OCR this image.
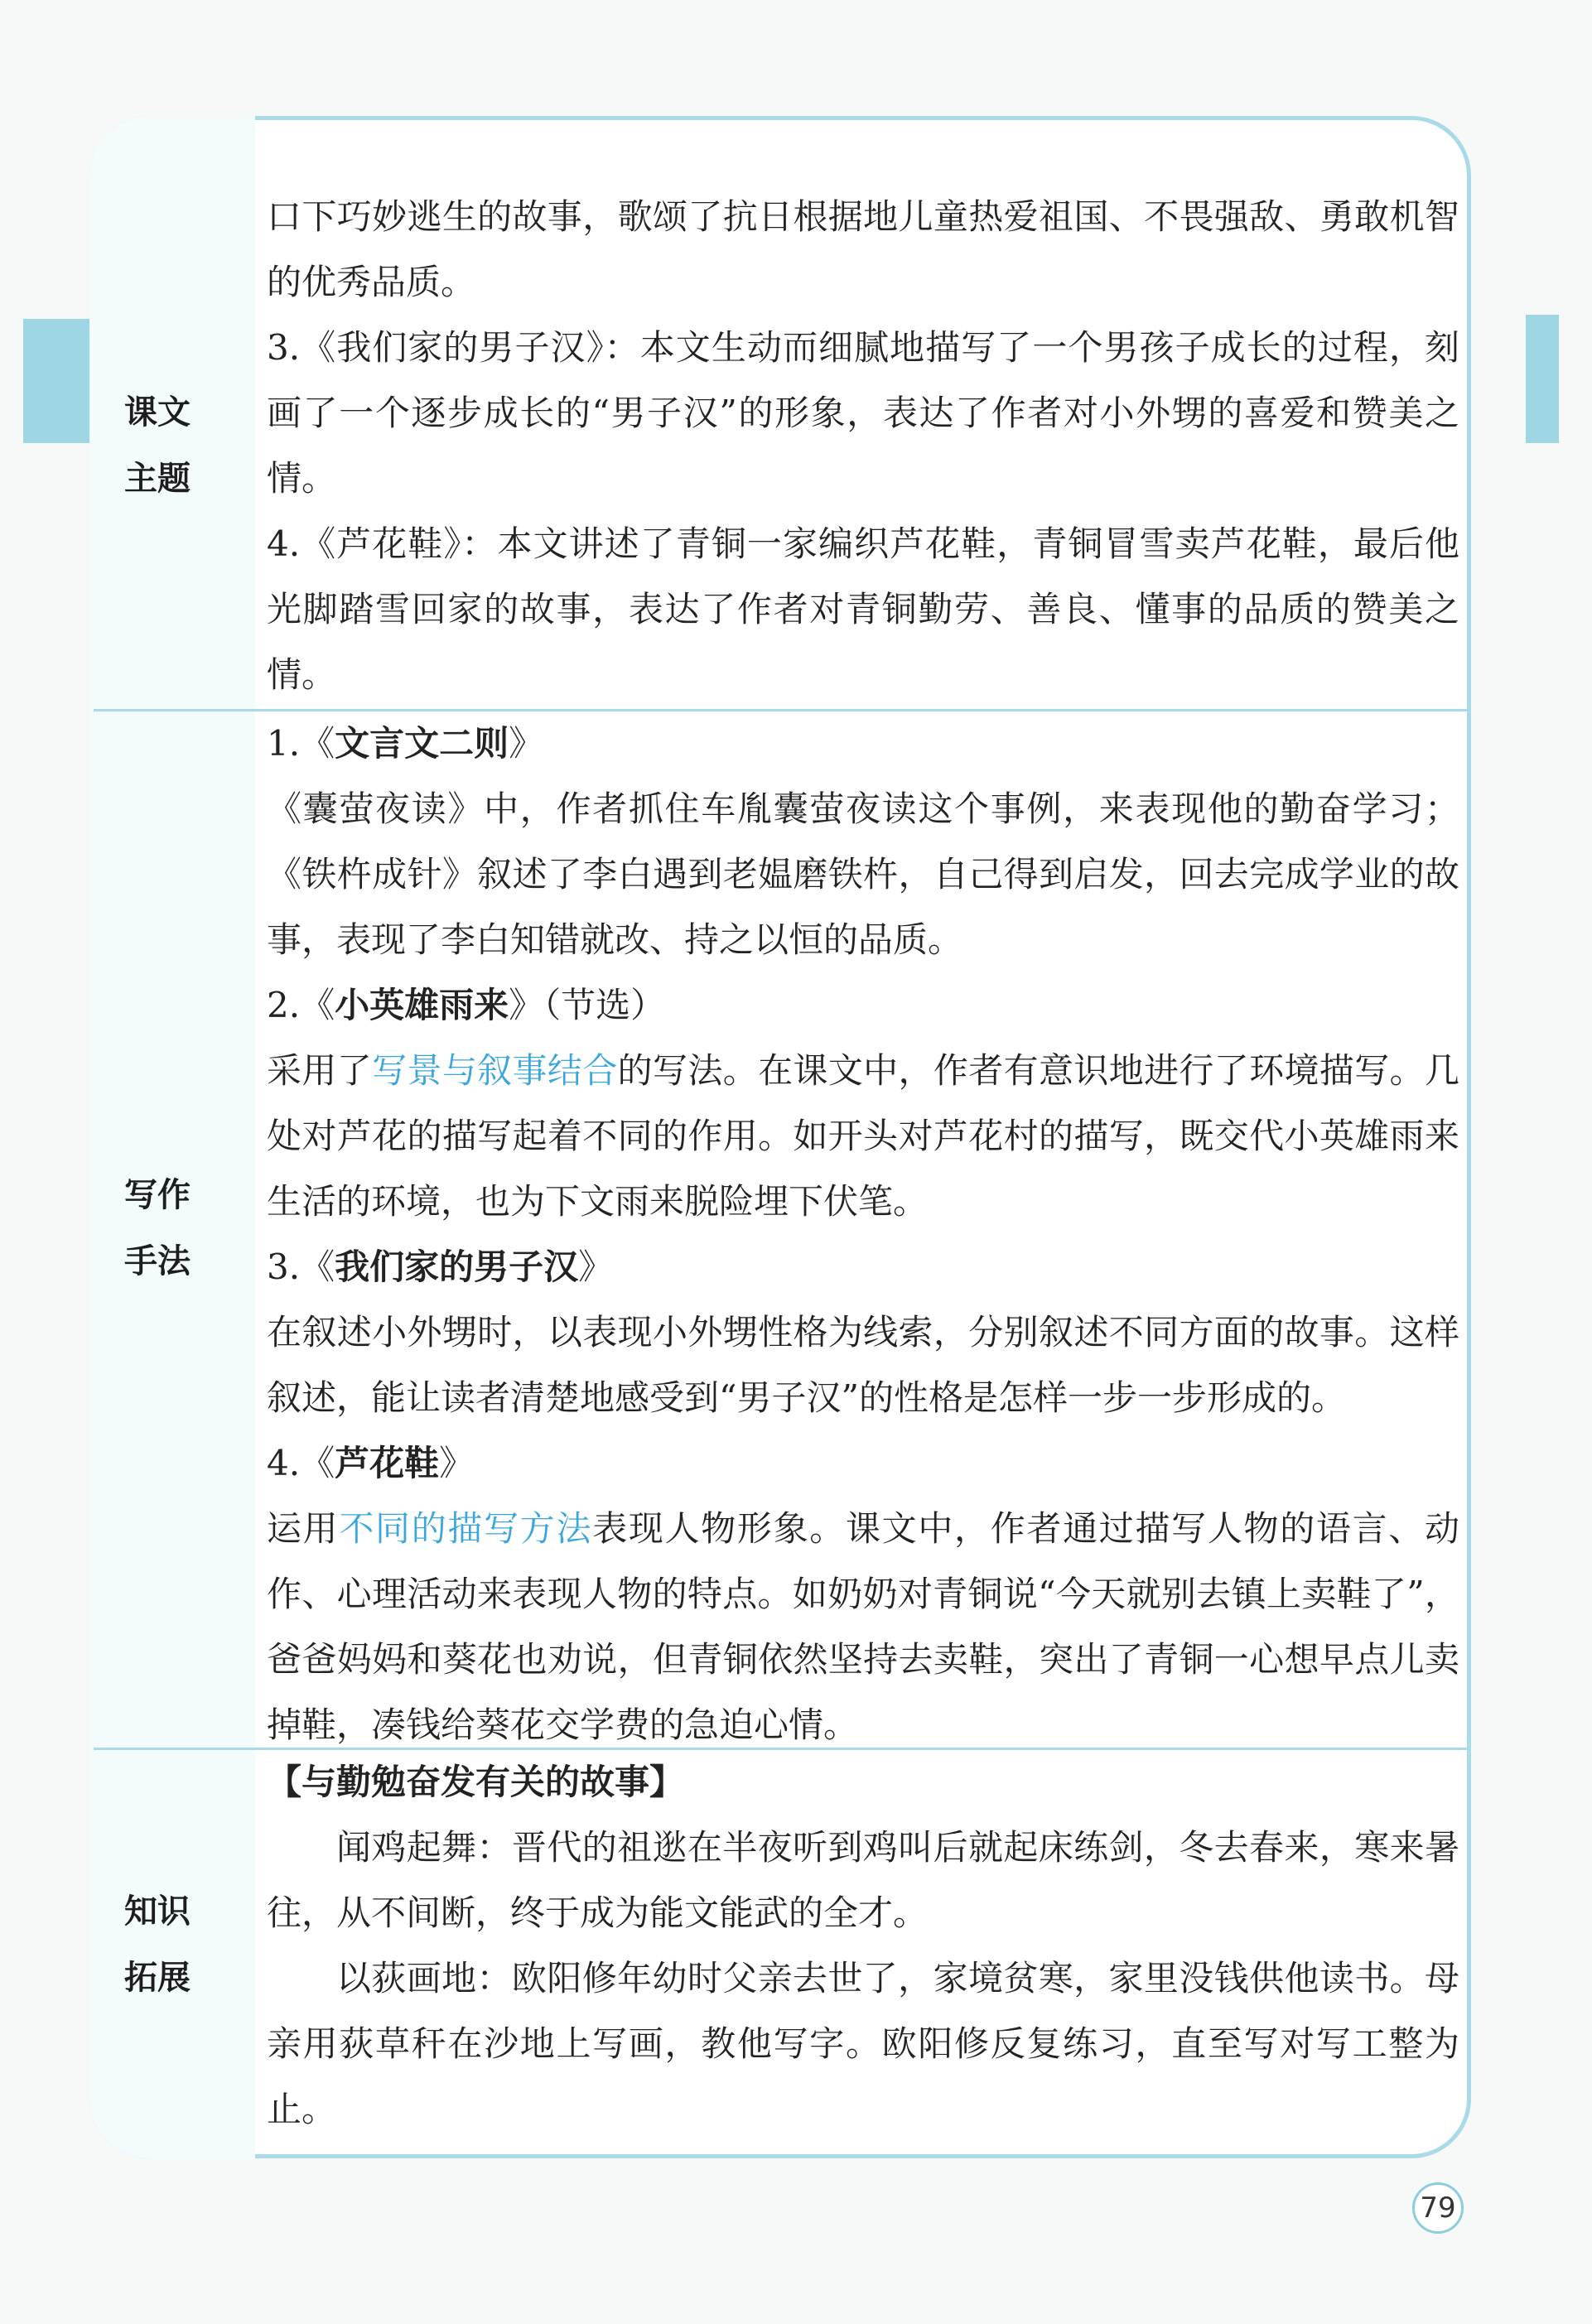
课文
主题

口下巧妙逃生的故事，歌颂了抗日根据地儿童热爱祖国、不畏强敌、勇敢机智的优秀品质。

3.《我们家的男子汉》：本文生动而细腻地描写了一个男孩子成长的过程，刻画了一个逐步成长的“男子汉”的形象，表达了作者对小外甥的喜爱和赞美之情。

4.《芦花鞋》：本文讲述了青铜一家编织芦花鞋，青铜冒雪卖芦花鞋，最后他光脚踏雪回家的故事，表达了作者对青铜勤劳、善良、懂事的品质的赞美之情。

写作
手法

1.《文言文二则》

《囊萤夜读》中，作者抓住车胤囊萤夜读这个事例，来表现他的勤奋学习；《铁杵成针》叙述了李白遇到老媪磨铁杵，自己得到启发，回去完成学业的故事，表现了李白知错就改、持之以恒的品质。

2.《小英雄雨来》（节选）

采用了写景与叙事结合的写法。在课文中，作者有意识地进行了环境描写。几处对芦花的描写起着不同的作用。如开头对芦花村的描写，既交代小英雄雨来生活的环境，也为下文雨来脱险埋下伏笔。

3.《我们家的男子汉》

在叙述小外甥时，以表现小外甥性格为线索，分别叙述不同方面的故事。这样叙述，能让读者清楚地感受到“男子汉”的性格是怎样一步一步形成的。

4.《芦花鞋》

运用不同的描写方法表现人物形象。课文中，作者通过描写人物的语言、动作、心理活动来表现人物的特点。如奶奶对青铜说“今天就别去镇上卖鞋了”，爸爸妈妈和葵花也劝说，但青铜依然坚持去卖鞋，突出了青铜一心想早点儿卖掉鞋，凑钱给葵花交学费的急迫心情。

知识
拓展

【与勤勉奋发有关的故事】

闻鸡起舞：晋代的祖逖在半夜听到鸡叫后就起床练剑，冬去春来，寒来暑往，从不间断，终于成为能文能武的全才。

以荻画地：欧阳修年幼时父亲去世了，家境贫寒，家里没钱供他读书。母亲用荻草秆在沙地上写画，教他写字。欧阳修反复练习，直至写对写工整为止。

79
